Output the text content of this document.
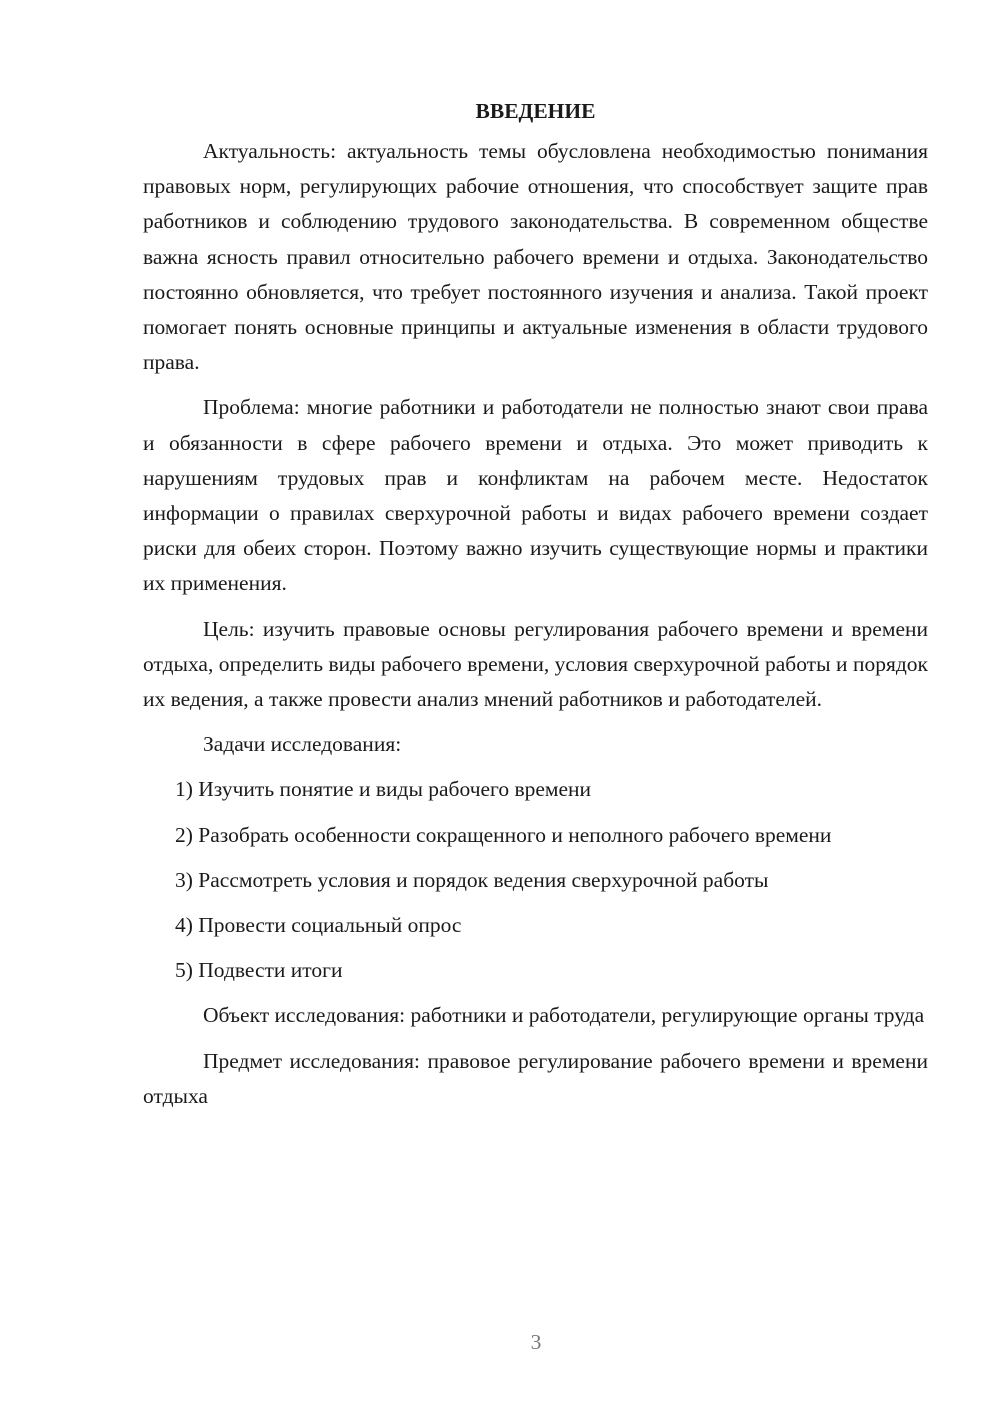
ВВЕДЕНИЕ

Актуальность: актуальность темы обусловлена необходимостью понимания правовых норм, регулирующих рабочие отношения, что способствует защите прав работников и соблюдению трудового законодательства. В современном обществе важна ясность правил относительно рабочего времени и отдыха. Законодательство постоянно обновляется, что требует постоянного изучения и анализа. Такой проект помогает понять основные принципы и актуальные изменения в области трудового права.

Проблема: многие работники и работодатели не полностью знают свои права и обязанности в сфере рабочего времени и отдыха. Это может приводить к нарушениям трудовых прав и конфликтам на рабочем месте. Недостаток информации о правилах сверхурочной работы и видах рабочего времени создает риски для обеих сторон. Поэтому важно изучить существующие нормы и практики их применения.

Цель: изучить правовые основы регулирования рабочего времени и времени отдыха, определить виды рабочего времени, условия сверхурочной работы и порядок их ведения, а также провести анализ мнений работников и работодателей.

Задачи исследования:

1) Изучить понятие и виды рабочего времени

2) Разобрать особенности сокращенного и неполного рабочего времени

3) Рассмотреть условия и порядок ведения сверхурочной работы

4) Провести социальный опрос

5) Подвести итоги

Объект исследования: работники и работодатели, регулирующие органы труда

Предмет исследования: правовое регулирование рабочего времени и времени отдыха

3
